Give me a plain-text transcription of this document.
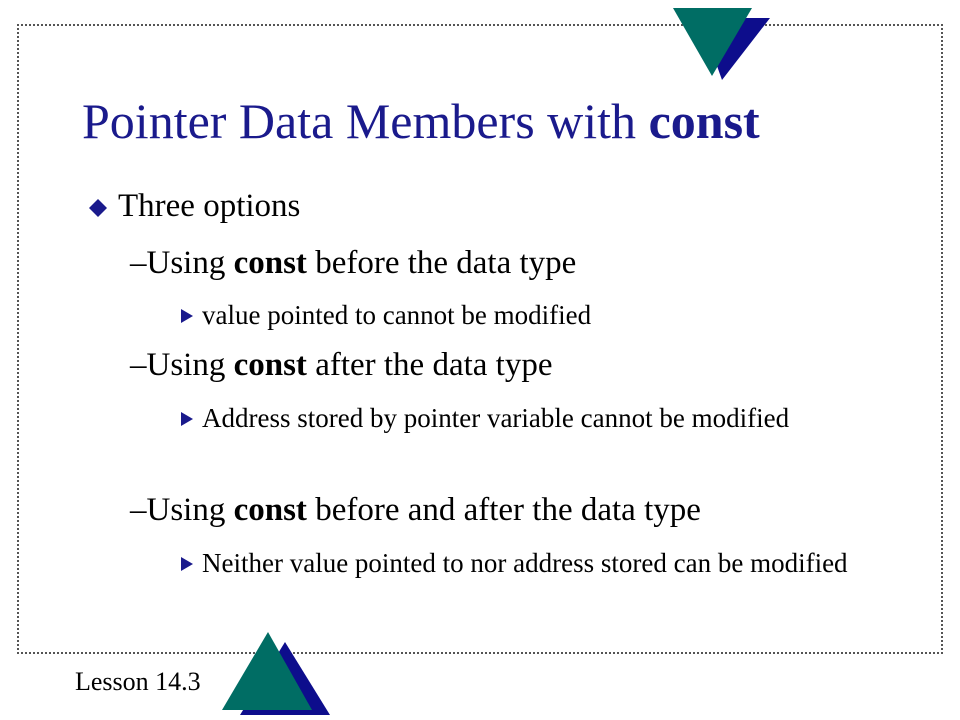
Pointer Data Members with const
Three options
–Using const before the data type
value pointed to cannot be modified
–Using const after the data type
Address stored by pointer variable cannot be modified
–Using const before and after the data type
Neither value pointed to nor address stored can be modified
Lesson 14.3
